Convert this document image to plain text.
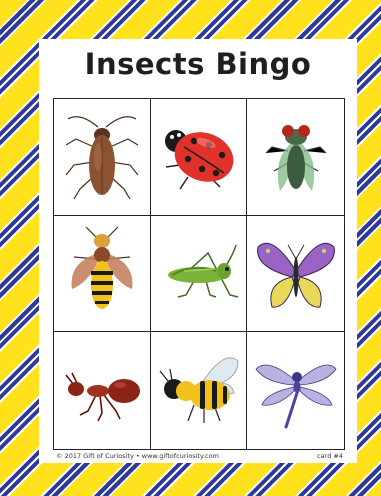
Insects Bingo
© 2017 Gift of Curiosity • www.giftofcuriosity.com	card #4
